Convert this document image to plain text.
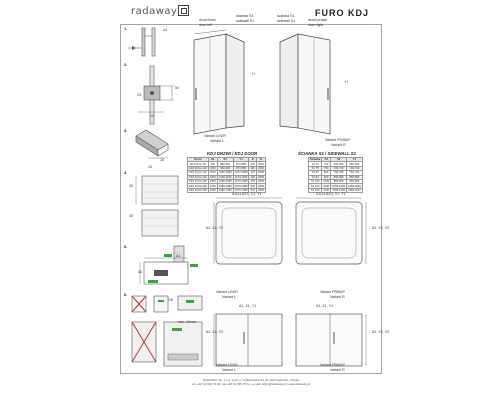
radaway	FURO KDJ
1.
2.
3.
4.
5.
6.
14
23
54
12
15
13
35
30
A1
A2
OK
min. 43mm
drzwi lewe
door left
ścianka S1
sidewall S1
ścianka S1
sidewall S1	drzwi prawe
door right
H
H
Variant LEWY
Variant L	Variant PRAWY
Variant R
KDJ DRZWI / KDJ DOOR
Drzwi	A1	X1	Y1	E	H
KDJ Drzwi 90	900	880-895	873-889	270	2000
KDJ Drzwi 100	1000	980-995	973-989	320	2000
KDJ Drzwi 110	1100	1080-1095	1073-1089	370	2000
KDJ Drzwi 120	1200	1180-1195	1173-1189	420	2000
KDJ Drzwi 130	1300	1280-1295	1273-1289	470	2000
KDJ Drzwi 140	1400	1380-1395	1373-1389	520	2000
KDJ Drzwi 150	1500	1480-1495	1473-1489	570	2000
ŚCIANKA S1 / SIDEWALL S1
Ścianka	A2	X2	Y2
S1 70	700	659-669	684-694
S1 75	750	709-719	734-744
S1 80	800	759-769	784-794
S1 90	900	859-869	884-894
S1 100	1000	959-969	984-994
S1 110	1100	1059-1069	1084-1094
S1 120	1200	1159-1169	1184-1194
A1(≤1400), X1, Y1
A2, X2, Y2
Variant LEWY
Variant L
A1(≤1400), X1, Y1
A2, X2, Y2
Variant PRAWY
Variant R
A1, X1, Y1
A2, X2, Y2
Variant LEWY
Variant L
A1, X1, Y1
A2, X2, Y2
Variant PRAWY
Variant R
RADAWAY Sp. z o.o. ionio ul. Kaliskowska 34, 82-400 Nowostre, Polska
tel. +48 41 030 70 00, fax +48 41 035 75 11, e-mail: office@radaway.pl | www.radaway.pl
